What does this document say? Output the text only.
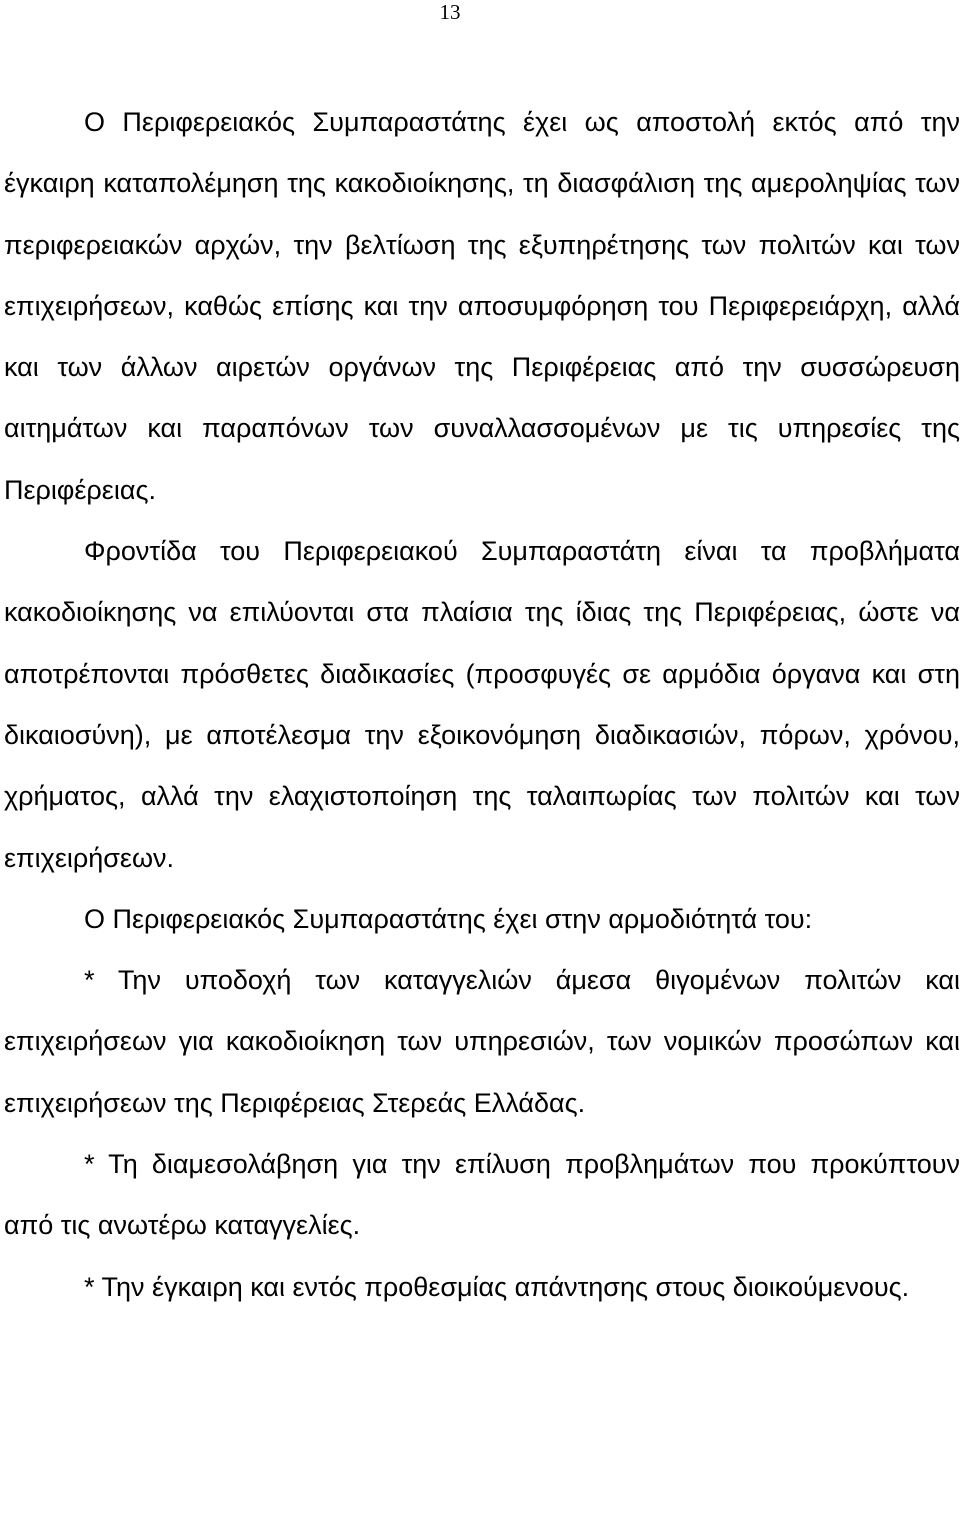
13

Ο Περιφερειακός Συμπαραστάτης έχει ως αποστολή εκτός από την έγκαιρη καταπολέμηση της κακοδιοίκησης, τη διασφάλιση της αμεροληψίας των περιφερειακών αρχών, την βελτίωση της εξυπηρέτησης των πολιτών και των επιχειρήσεων, καθώς επίσης και την αποσυμφόρηση του Περιφερειάρχη, αλλά και των άλλων αιρετών οργάνων της Περιφέρειας από την συσσώρευση αιτημάτων και παραπόνων των συναλλασσομένων με τις υπηρεσίες της Περιφέρειας.

Φροντίδα του Περιφερειακού Συμπαραστάτη είναι τα προβλήματα κακοδιοίκησης να επιλύονται στα πλαίσια της ίδιας της Περιφέρειας, ώστε να αποτρέπονται πρόσθετες διαδικασίες (προσφυγές σε αρμόδια όργανα και στη δικαιοσύνη), με αποτέλεσμα την εξοικονόμηση διαδικασιών, πόρων, χρόνου, χρήματος, αλλά την ελαχιστοποίηση της ταλαιπωρίας των πολιτών και των επιχειρήσεων.

Ο Περιφερειακός Συμπαραστάτης έχει στην αρμοδιότητά του:

* Την υποδοχή των καταγγελιών άμεσα θιγομένων πολιτών και επιχειρήσεων για κακοδιοίκηση των υπηρεσιών, των νομικών προσώπων και επιχειρήσεων της Περιφέρειας Στερεάς Ελλάδας.

* Τη διαμεσολάβηση για την επίλυση προβλημάτων που προκύπτουν από τις ανωτέρω καταγγελίες.

* Την έγκαιρη και εντός προθεσμίας απάντησης στους διοικούμενους.
